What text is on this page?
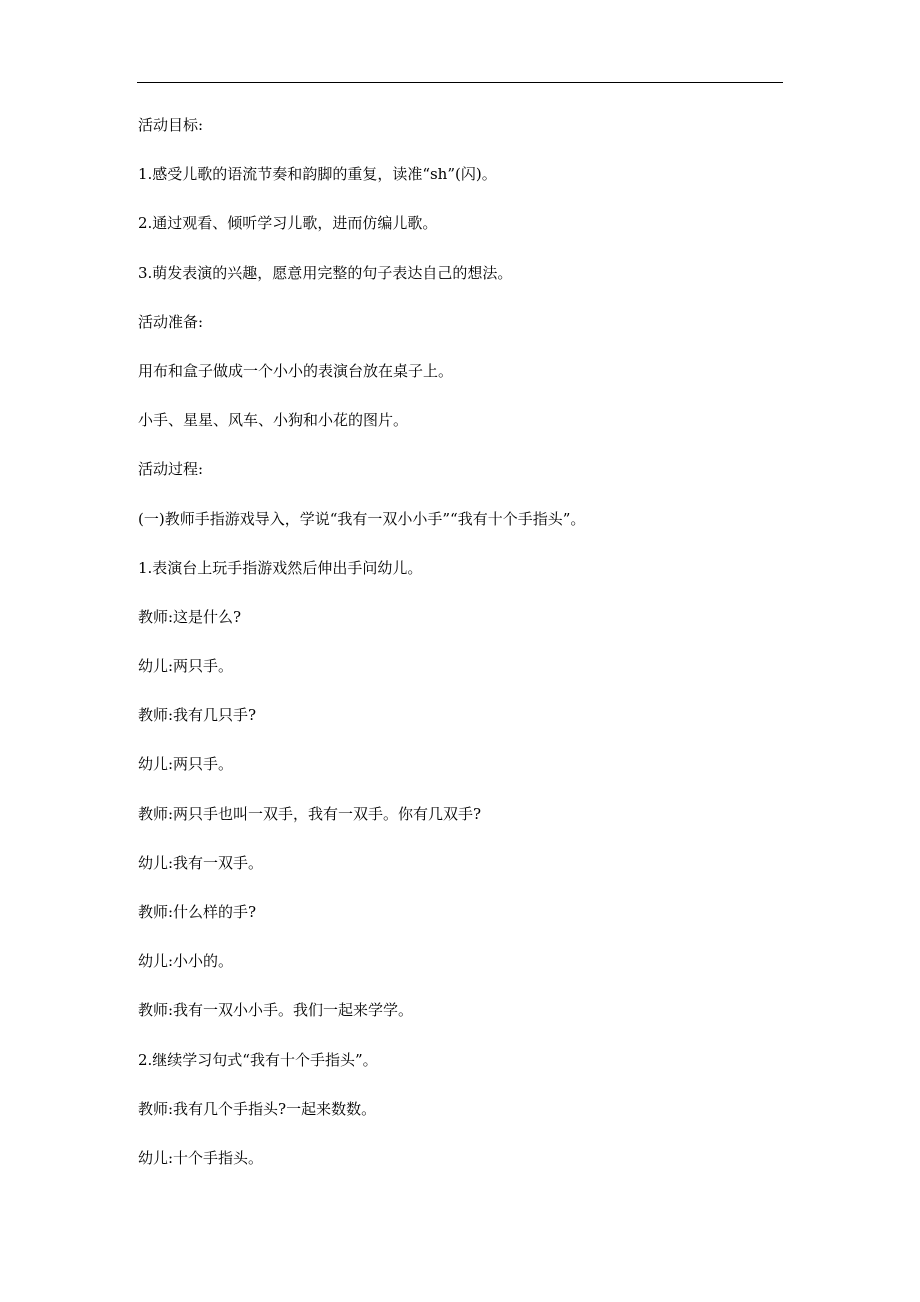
活动目标:

1.感受儿歌的语流节奏和韵脚的重复，读准“sh”(闪)。

2.通过观看、倾听学习儿歌，进而仿编儿歌。

3.萌发表演的兴趣，愿意用完整的句子表达自己的想法。

活动准备:

用布和盒子做成一个小小的表演台放在桌子上。

小手、星星、风车、小狗和小花的图片。

活动过程:

(一)教师手指游戏导入，学说“我有一双小小手”“我有十个手指头”。

1.表演台上玩手指游戏然后伸出手问幼儿。

教师:这是什么?

幼儿:两只手。

教师:我有几只手?

幼儿:两只手。

教师:两只手也叫一双手，我有一双手。你有几双手?

幼儿:我有一双手。

教师:什么样的手?

幼儿:小小的。

教师:我有一双小小手。我们一起来学学。

2.继续学习句式“我有十个手指头”。

教师:我有几个手指头?一起来数数。

幼儿:十个手指头。
